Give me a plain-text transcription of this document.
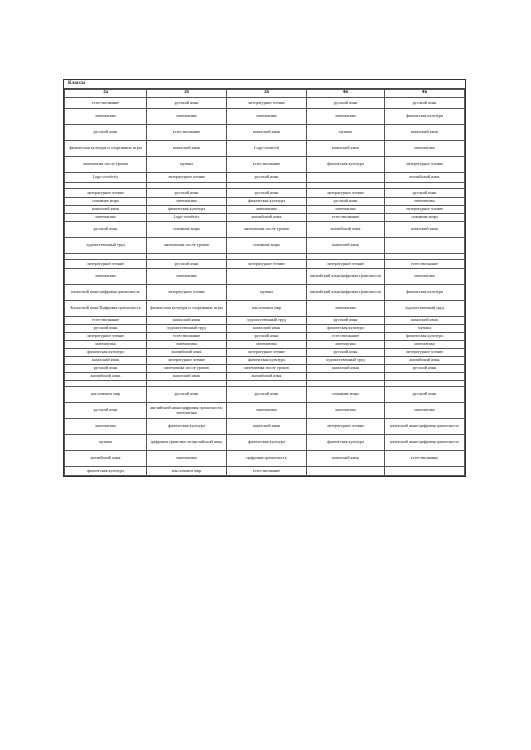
Классы
3а	3б	3в	4в	4в
естествознание	русский язык	литературное чтение	русский язык	русский язык
математика	математика	математика	математика	физическая культура
русский язык	естествознание	казахский язык	музыка	казахский язык
физическая культура и спортивные игры	казахский язык	Logo-creativiti	казахский язык	математика
математика после уроков	музыка	естествознание	физическая культура	литературное чтение
Logo-creativity	литературное чтение	русский язык		английский язык

литературное чтение	русский язык	русский язык	литературное чтение	русский язык
познание мира	математика	физическая культура	русский язык	математика
казахский язык	физическая культура	математика	математика	литературное чтение
математика	Logo-creativity	английский язык	естествознание	познание мира
русский язык	познание мира	математика после уроков	английский язык	казахский язык
художественный труд	математика после уроков	познание мира	казахский язык	

литературное чтение	русский язык	литературное чтение	литературное чтение	естествознание
математика	математика		английский язык/цифровая грамотность	математика
казахский язык/цифровая грамотность	литературное чтение	музыка	английский язык/цифровая грамотность	физическая культура
Казахский язык/Цифровая грамотность	физическая культура и спортивные игры	мы познаем мир	математика	художественный труд
естествознание	казахский язык	художественный труд	русский язык	казахский язык
русский язык	художественный труд	казахский язык	физическая культура	музыка
литературное чтение	естествознание	русский язык	естествознание	физическая культура
математика	математика	математика	математика	математика
физическая культура	английский язык	литературное чтение	русский язык	литературное чтение
казахский язык	литературное чтение	физическая культура	художественный труд	английский язык
русский язык	математика после уроков	математика после уроков	казахский язык	русский язык
английский язык	казахский язык	английский язык		

мы познаем мир	русский язык	русский язык	познание мира	русский язык
русский язык	английский язык/цифровая грамотность/математика	математика	математика	математика
математика	физическая культура	казахский язык	литературное чтение	казахский язык/цифровая грамотность
музыка	цифровая грамотность/английский язык	физическая культура	физическая культура	казахский язык/цифровая грамотность
английский язык	математика	цифровая грамотность	казахский язык	естествознание
физическая культура	мы познаем мир	естествознание		
